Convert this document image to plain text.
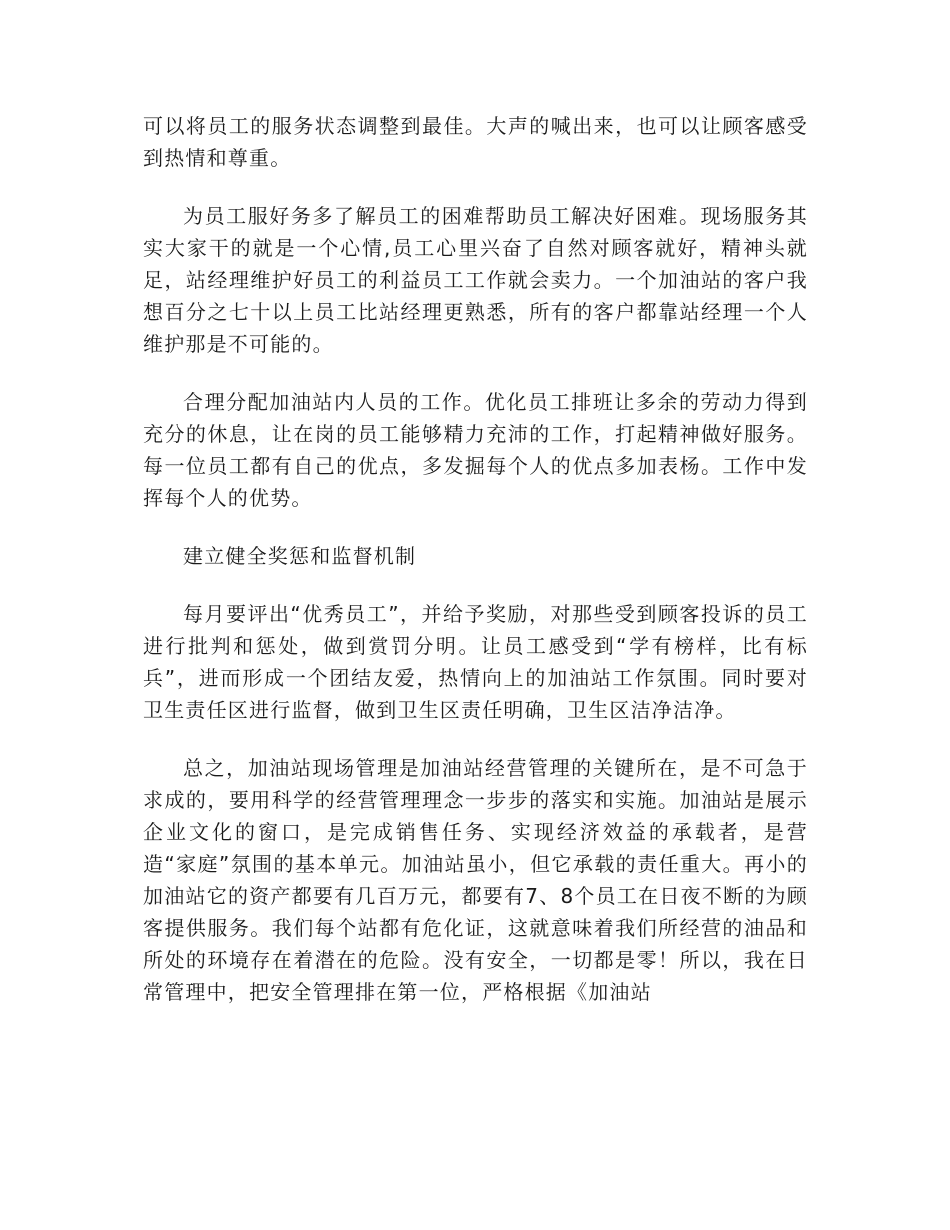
可以将员工的服务状态调整到最佳。大声的喊出来，也可以让顾客感受到热情和尊重。

为员工服好务多了解员工的困难帮助员工解决好困难。现场服务其实大家干的就是一个心情,员工心里兴奋了自然对顾客就好，精神头就足，站经理维护好员工的利益员工工作就会卖力。一个加油站的客户我想百分之七十以上员工比站经理更熟悉，所有的客户都靠站经理一个人维护那是不可能的。

合理分配加油站内人员的工作。优化员工排班让多余的劳动力得到充分的休息，让在岗的员工能够精力充沛的工作，打起精神做好服务。每一位员工都有自己的优点，多发掘每个人的优点多加表杨。工作中发挥每个人的优势。

建立健全奖惩和监督机制

每月要评出“优秀员工”，并给予奖励，对那些受到顾客投诉的员工进行批判和惩处，做到赏罚分明。让员工感受到“学有榜样，比有标兵”，进而形成一个团结友爱，热情向上的加油站工作氛围。同时要对卫生责任区进行监督，做到卫生区责任明确，卫生区洁净洁净。

总之，加油站现场管理是加油站经营管理的关键所在，是不可急于求成的，要用科学的经营管理理念一步步的落实和实施。加油站是展示企业文化的窗口，是完成销售任务、实现经济效益的承载者，是营造“家庭”氛围的基本单元。加油站虽小，但它承载的责任重大。再小的加油站它的资产都要有几百万元，都要有7、8个员工在日夜不断的为顾客提供服务。我们每个站都有危化证，这就意味着我们所经营的油品和所处的环境存在着潜在的危险。没有安全，一切都是零！所以，我在日常管理中，把安全管理排在第一位，严格根据《加油站
